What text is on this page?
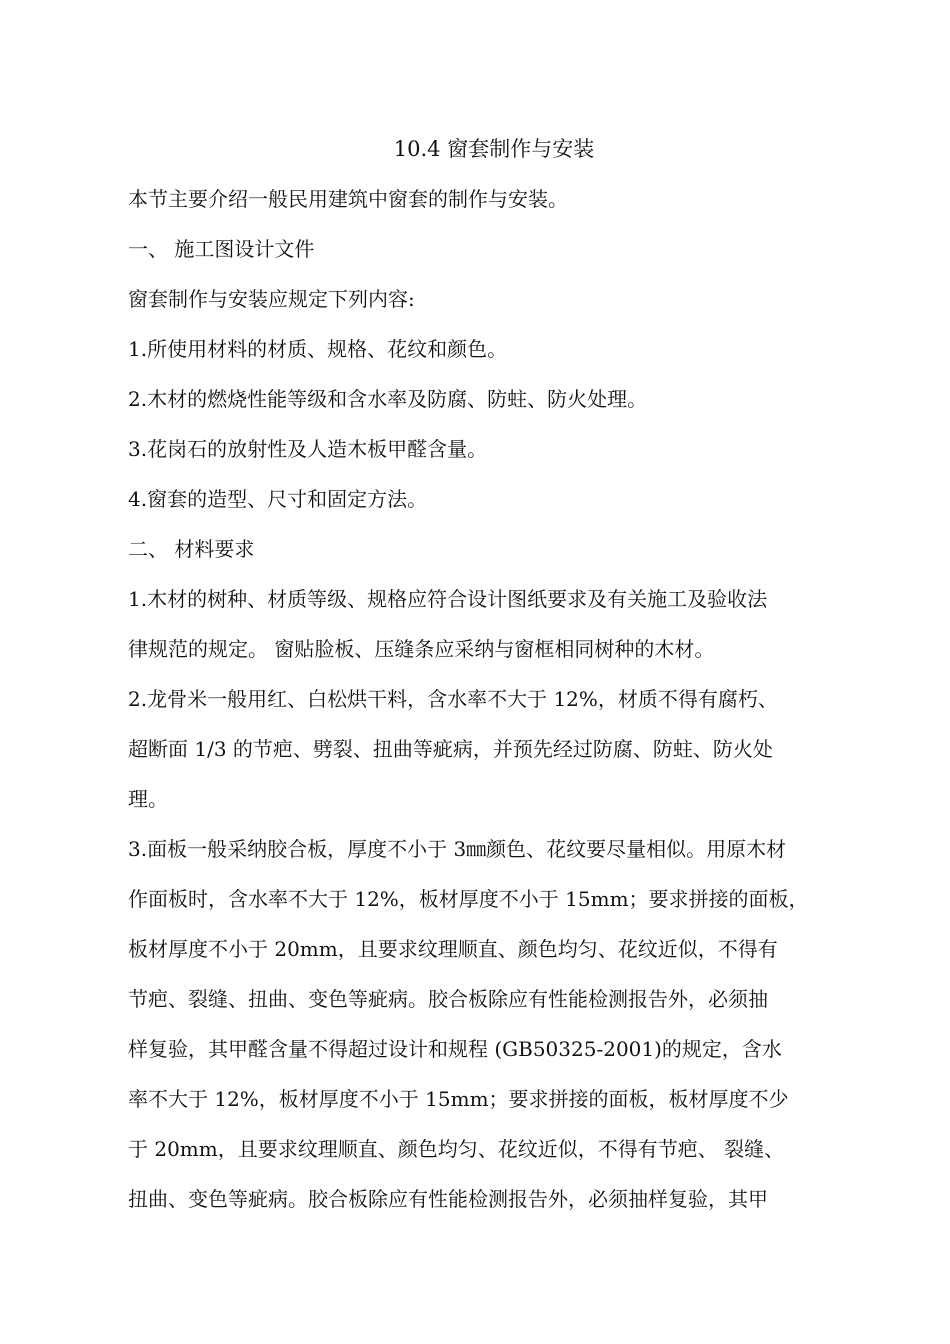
10.4 窗套制作与安装
本节主要介绍一般民用建筑中窗套的制作与安装。
一、 施工图设计文件
窗套制作与安装应规定下列内容:
1.所使用材料的材质、规格、花纹和颜色。
2.木材的燃烧性能等级和含水率及防腐、防蛀、防火处理。
3.花岗石的放射性及人造木板甲醛含量。
4.窗套的造型、尺寸和固定方法。
二、 材料要求
1.木材的树种、材质等级、规格应符合设计图纸要求及有关施工及验收法
律规范的规定。 窗贴脸板、压缝条应采纳与窗框相同树种的木材。
2.龙骨米一般用红、白松烘干料，含水率不大于 12%，材质不得有腐朽、
超断面 1/3 的节疤、劈裂、扭曲等疵病，并预先经过防腐、防蛀、防火处
理。
3.面板一般采纳胶合板，厚度不小于 3㎜颜色、花纹要尽量相似。用原木材
作面板时，含水率不大于 12%，板材厚度不小于 15mm；要求拼接的面板，
板材厚度不小于 20mm，且要求纹理顺直、颜色均匀、花纹近似，不得有
节疤、裂缝、扭曲、变色等疵病。胶合板除应有性能检测报告外，必须抽
样复验，其甲醛含量不得超过设计和规程 (GB50325-2001)的规定，含水
率不大于 12%，板材厚度不小于 15mm；要求拼接的面板，板材厚度不少
于 20mm，且要求纹理顺直、颜色均匀、花纹近似，不得有节疤、 裂缝、
扭曲、变色等疵病。胶合板除应有性能检测报告外，必须抽样复验，其甲
